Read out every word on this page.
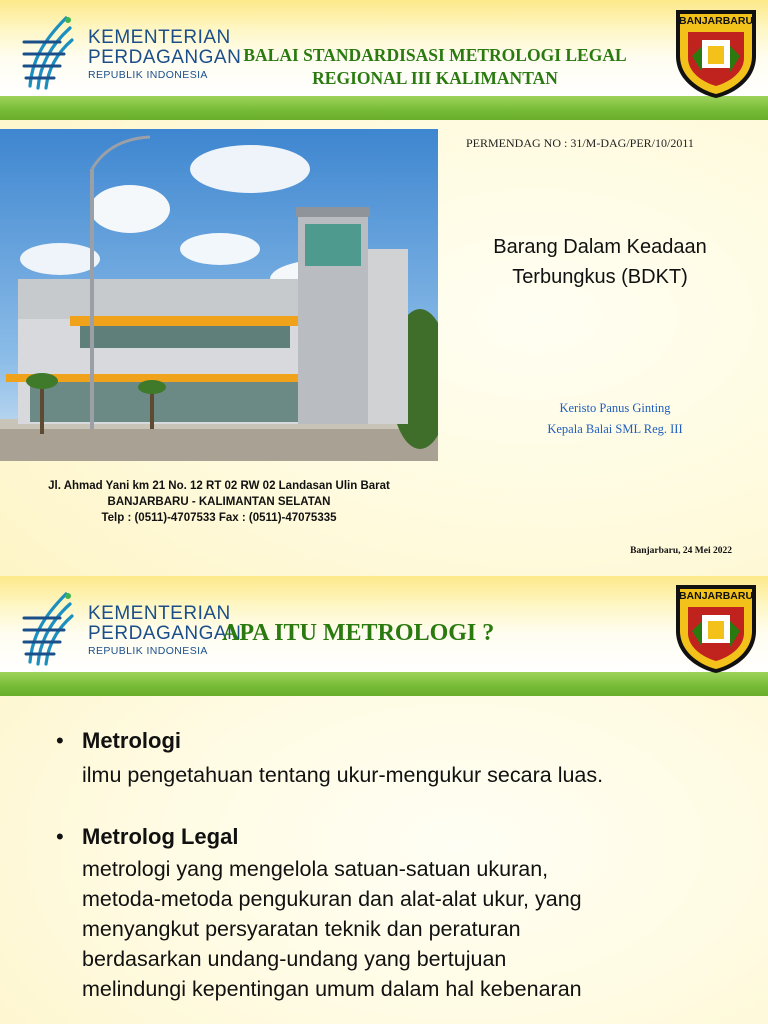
KEMENTERIAN
PERDAGANGAN
REPUBLIK INDONESIA
BALAI STANDARDISASI METROLOGI LEGAL
REGIONAL III KALIMANTAN
BANJARBARU
PERMENDAG NO : 31/M-DAG/PER/10/2011
Barang Dalam Keadaan
Terbungkus (BDKT)
Keristo Panus Ginting
Kepala Balai SML Reg. III
Jl. Ahmad Yani km 21 No. 12 RT 02 RW 02 Landasan Ulin Barat
BANJARBARU - KALIMANTAN SELATAN
Telp : (0511)-4707533 Fax : (0511)-47075335
Banjarbaru, 24 Mei 2022
KEMENTERIAN
PERDAGANGAN
REPUBLIK INDONESIA
APA ITU METROLOGI ?
BANJARBARU
• Metrologi
ilmu pengetahuan tentang ukur-mengukur secara luas.
• Metrolog Legal
metrologi yang mengelola satuan-satuan ukuran,
metoda-metoda pengukuran dan alat-alat ukur, yang
menyangkut persyaratan teknik dan peraturan
berdasarkan undang-undang yang bertujuan
melindungi kepentingan umum dalam hal kebenaran
